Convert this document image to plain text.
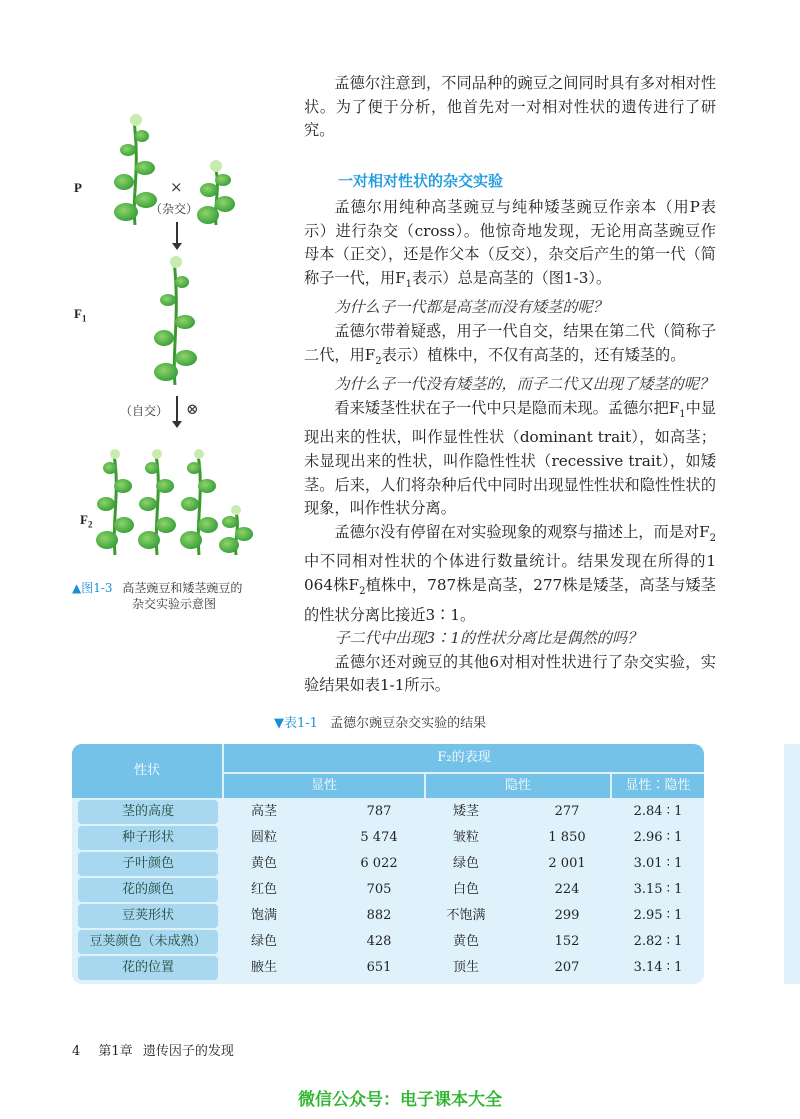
P
$F_1$
$F_2$
×
（杂交）
（自交） ⊗
▲图1-3 高茎豌豆和矮茎豌豆的
杂交实验示意图

孟德尔注意到，不同品种的豌豆之间同时具有多对相对性状。为了便于分析，他首先对一对相对性状的遗传进行了研究。

一对相对性状的杂交实验

孟德尔用纯种高茎豌豆与纯种矮茎豌豆作亲本（用P表示）进行杂交（cross）。他惊奇地发现，无论用高茎豌豆作母本（正交），还是作父本（反交），杂交后产生的第一代（简称子一代，用$F_1$表示）总是高茎的（图1-3）。

为什么子一代都是高茎而没有矮茎的呢？

孟德尔带着疑惑，用子一代自交，结果在第二代（简称子二代，用$F_2$表示）植株中，不仅有高茎的，还有矮茎的。

为什么子一代没有矮茎的，而子二代又出现了矮茎的呢？

看来矮茎性状在子一代中只是隐而未现。孟德尔把$F_1$中显现出来的性状，叫作显性性状（dominant trait），如高茎；未显现出来的性状，叫作隐性性状（recessive trait），如矮茎。后来，人们将杂种后代中同时出现显性性状和隐性性状的现象，叫作性状分离。

孟德尔没有停留在对实验现象的观察与描述上，而是对$F_2$中不同相对性状的个体进行数量统计。结果发现在所得的1 064株$F_2$植株中，787株是高茎，277株是矮茎，高茎与矮茎的性状分离比接近3∶1。

子二代中出现3∶1的性状分离比是偶然的吗？

孟德尔还对豌豆的其他6对相对性状进行了杂交实验，实验结果如表1-1所示。

▼表1-1 孟德尔豌豆杂交实验的结果
性状
F₂的表现
显性	隐性	显性∶隐性
茎的高度	高茎	787	矮茎	277	2.84 ∶ 1
种子形状	圆粒	5 474	皱粒	1 850	2.96 ∶ 1
子叶颜色	黄色	6 022	绿色	2 001	3.01 ∶ 1
花的颜色	红色	705	白色	224	3.15 ∶ 1
豆荚形状	饱满	882	不饱满	299	2.95 ∶ 1
豆荚颜色（未成熟）	绿色	428	黄色	152	2.82 ∶ 1
花的位置	腋生	651	顶生	207	3.14 ∶ 1
4 第1章 遗传因子的发现
微信公众号：电子课本大全
